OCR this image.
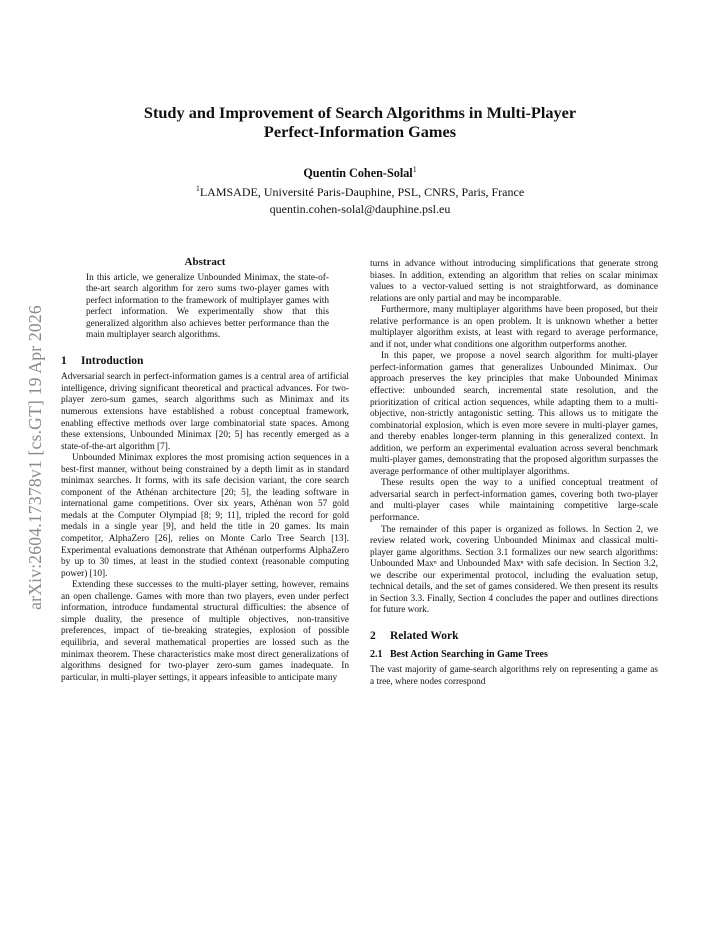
arXiv:2604.17378v1 [cs.GT] 19 Apr 2026
Study and Improvement of Search Algorithms in Multi-Player
Perfect-Information Games
Quentin Cohen-Solal$^1$
$^1$LAMSADE, Université Paris-Dauphine, PSL, CNRS, Paris, France
quentin.cohen-solal@dauphine.psl.eu
Abstract

In this article, we generalize Unbounded Minimax, the state-of-the-art search algorithm for zero sums two-player games with perfect information to the framework of multiplayer games with perfect information. We experimentally show that this generalized algorithm also achieves better performance than the main multiplayer search algorithms.

1 Introduction

Adversarial search in perfect-information games is a central area of artificial intelligence, driving significant theoretical and practical advances. For two-player zero-sum games, search algorithms such as Minimax and its numerous extensions have established a robust conceptual framework, enabling effective methods over large combinatorial state spaces. Among these extensions, Unbounded Minimax [20; 5] has recently emerged as a state-of-the-art algorithm [7].

Unbounded Minimax explores the most promising action sequences in a best-first manner, without being constrained by a depth limit as in standard minimax searches. It forms, with its safe decision variant, the core search component of the Athénan architecture [20; 5], the leading software in international game competitions. Over six years, Athénan won 57 gold medals at the Computer Olympiad [8; 9; 11], tripled the record for gold medals in a single year [9], and held the title in 20 games. Its main competitor, AlphaZero [26], relies on Monte Carlo Tree Search [13]. Experimental evaluations demonstrate that Athénan outperforms AlphaZero by up to 30 times, at least in the studied context (reasonable computing power) [10].

Extending these successes to the multi-player setting, however, remains an open challenge. Games with more than two players, even under perfect information, introduce fundamental structural difficulties: the absence of simple duality, the presence of multiple objectives, non-transitive preferences, impact of tie-breaking strategies, explosion of possible equilibria, and several mathematical properties are lossed such as the minimax theorem. These characteristics make most direct generalizations of algorithms designed for two-player zero-sum games inadequate. In particular, in multi-player settings, it appears infeasible to anticipate many

turns in advance without introducing simplifications that generate strong biases. In addition, extending an algorithm that relies on scalar minimax values to a vector-valued setting is not straightforward, as dominance relations are only partial and may be incomparable.

Furthermore, many multiplayer algorithms have been proposed, but their relative performance is an open problem. It is unknown whether a better multiplayer algorithm exists, at least with regard to average performance, and if not, under what conditions one algorithm outperforms another.

In this paper, we propose a novel search algorithm for multi-player perfect-information games that generalizes Unbounded Minimax. Our approach preserves the key principles that make Unbounded Minimax effective: unbounded search, incremental state resolution, and the prioritization of critical action sequences, while adapting them to a multi-objective, non-strictly antagonistic setting. This allows us to mitigate the combinatorial explosion, which is even more severe in multi-player games, and thereby enables longer-term planning in this generalized context. In addition, we perform an experimental evaluation across several benchmark multi-player games, demonstrating that the proposed algorithm surpasses the average performance of other multiplayer algorithms.

These results open the way to a unified conceptual treatment of adversarial search in perfect-information games, covering both two-player and multi-player cases while maintaining competitive large-scale performance.

The remainder of this paper is organized as follows. In Section 2, we review related work, covering Unbounded Minimax and classical multi-player game algorithms. Section 3.1 formalizes our new search algorithms: Unbounded Maxⁿ and Unbounded Maxⁿ with safe decision. In Section 3.2, we describe our experimental protocol, including the evaluation setup, technical details, and the set of games considered. We then present its results in Section 3.3. Finally, Section 4 concludes the paper and outlines directions for future work.

2 Related Work
2.1 Best Action Searching in Game Trees

The vast majority of game-search algorithms rely on representing a game as a tree, where nodes correspond
